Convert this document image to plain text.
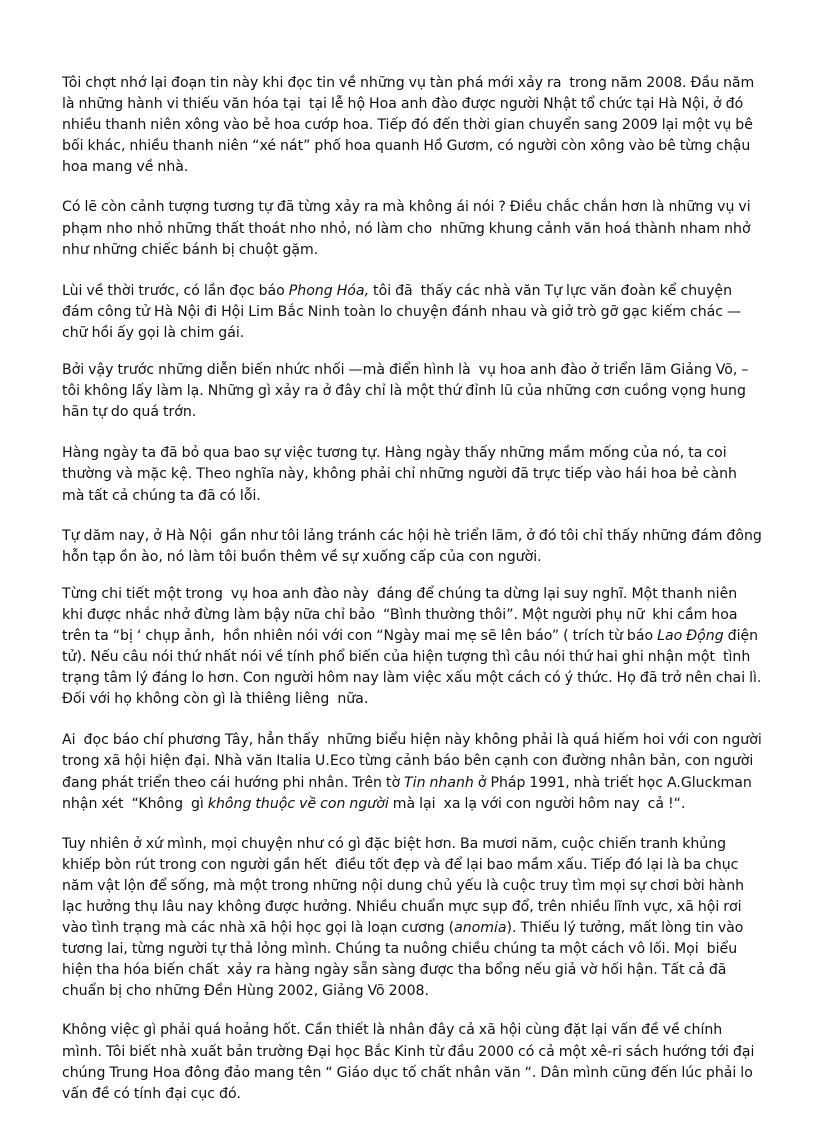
Tôi chợt nhớ lại đoạn tin này khi đọc tin về những vụ tàn phá mới xảy ra  trong năm 2008. Đầu năm là những hành vi thiếu văn hóa tại  tại lễ hộ Hoa anh đào được người Nhật tổ chức tại Hà Nội, ở đó nhiều thanh niên xông vào bẻ hoa cướp hoa. Tiếp đó đến thời gian chuyển sang 2009 lại một vụ bê bối khác, nhiều thanh niên “xé nát” phố hoa quanh Hồ Gươm, có người còn xông vào bê từng chậu hoa mang về nhà.

Có lẽ còn cảnh tượng tương tự đã từng xảy ra mà không ái nói ? Điều chắc chắn hơn là những vụ vi phạm nho nhỏ những thất thoát nho nhỏ, nó làm cho  những khung cảnh văn hoá thành nham nhở như những chiếc bánh bị chuột gặm.

Lùi về thời trước, có lần đọc báo Phong Hóa, tôi đã  thấy các nhà văn Tự lực văn đoàn kể chuyện đám công tử Hà Nội đi Hội Lim Bắc Ninh toàn lo chuyện đánh nhau và giở trò gỡ gạc kiếm chác — chữ hồi ấy gọi là chim gái.

Bởi vậy trước những diễn biến nhức nhối —mà điển hình là  vụ hoa anh đào ở triển lãm Giảng Võ, – tôi không lấy làm lạ. Những gì xảy ra ở đây chỉ là một thứ đỉnh lũ của những cơn cuồng vọng hung hãn tự do quá trớn.

Hàng ngày ta đã bỏ qua bao sự việc tương tự. Hàng ngày thấy những mầm mống của nó, ta coi thường và mặc kệ. Theo nghĩa này, không phải chỉ những người đã trực tiếp vào hái hoa bẻ cành mà tất cả chúng ta đã có lỗi.

Tự dăm nay, ở Hà Nội  gần như tôi lảng tránh các hội hè triển lãm, ở đó tôi chỉ thấy những đám đông hỗn tạp ồn ào, nó làm tôi buồn thêm về sự xuống cấp của con người.

Từng chi tiết một trong  vụ hoa anh đào này  đáng để chúng ta dừng lại suy nghĩ. Một thanh niên khi được nhắc nhở đừng làm bậy nữa chỉ bảo  “Bình thường thôi”. Một người phụ nữ  khi cầm hoa trên ta “bị ‘ chụp ảnh,  hồn nhiên nói với con “Ngày mai mẹ sẽ lên báo” ( trích từ báo Lao Động điện tử). Nếu câu nói thứ nhất nói về tính phổ biến của hiện tượng thì câu nói thứ hai ghi nhận một  tình trạng tâm lý đáng lo hơn. Con người hôm nay làm việc xấu một cách có ý thức. Họ đã trở nên chai lì. Đối với họ không còn gì là thiêng liêng  nữa.

Ai  đọc báo chí phương Tây, hẳn thấy  những biểu hiện này không phải là quá hiếm hoi với con người trong xã hội hiện đại. Nhà văn Italia U.Eco từng cảnh báo bên cạnh con đường nhân bản, con người đang phát triển theo cái hướng phi nhân. Trên tờ Tin nhanh ở Pháp 1991, nhà triết học A.Gluckman nhận xét  “Không  gì không thuộc về con người mà lại  xa lạ với con người hôm nay  cả !“.

Tuy nhiên ở xứ mình, mọi chuyện như có gì đặc biệt hơn. Ba mươi năm, cuộc chiến tranh khủng khiếp bòn rút trong con người gần hết  điều tốt đẹp và để lại bao mầm xấu. Tiếp đó lại là ba chục năm vật lộn để sống, mà một trong những nội dung chủ yếu là cuộc truy tìm mọi sự chơi bời hành lạc hưởng thụ lâu nay không được hưởng. Nhiều chuẩn mực sụp đổ, trên nhiều lĩnh vực, xã hội rơi vào tình trạng mà các nhà xã hội học gọi là loạn cương (anomia). Thiếu lý tưởng, mất lòng tin vào tương lai, từng người tự thả lỏng mình. Chúng ta nuông chiều chúng ta một cách vô lối. Mọi  biểu hiện tha hóa biến chất  xảy ra hàng ngày sẵn sàng được tha bổng nếu giả vờ hối hận. Tất cả đã chuẩn bị cho những Đền Hùng 2002, Giảng Võ 2008.

Không việc gì phải quá hoảng hốt. Cần thiết là nhân đây cả xã hội cùng đặt lại vấn đề về chính mình. Tôi biết nhà xuất bản trường Đại học Bắc Kinh từ đầu 2000 có cả một xê-ri sách hướng tới đại chúng Trung Hoa đông đảo mang tên “ Giáo dục tố chất nhân văn “. Dân mình cũng đến lúc phải lo vấn đề có tính đại cục đó.
